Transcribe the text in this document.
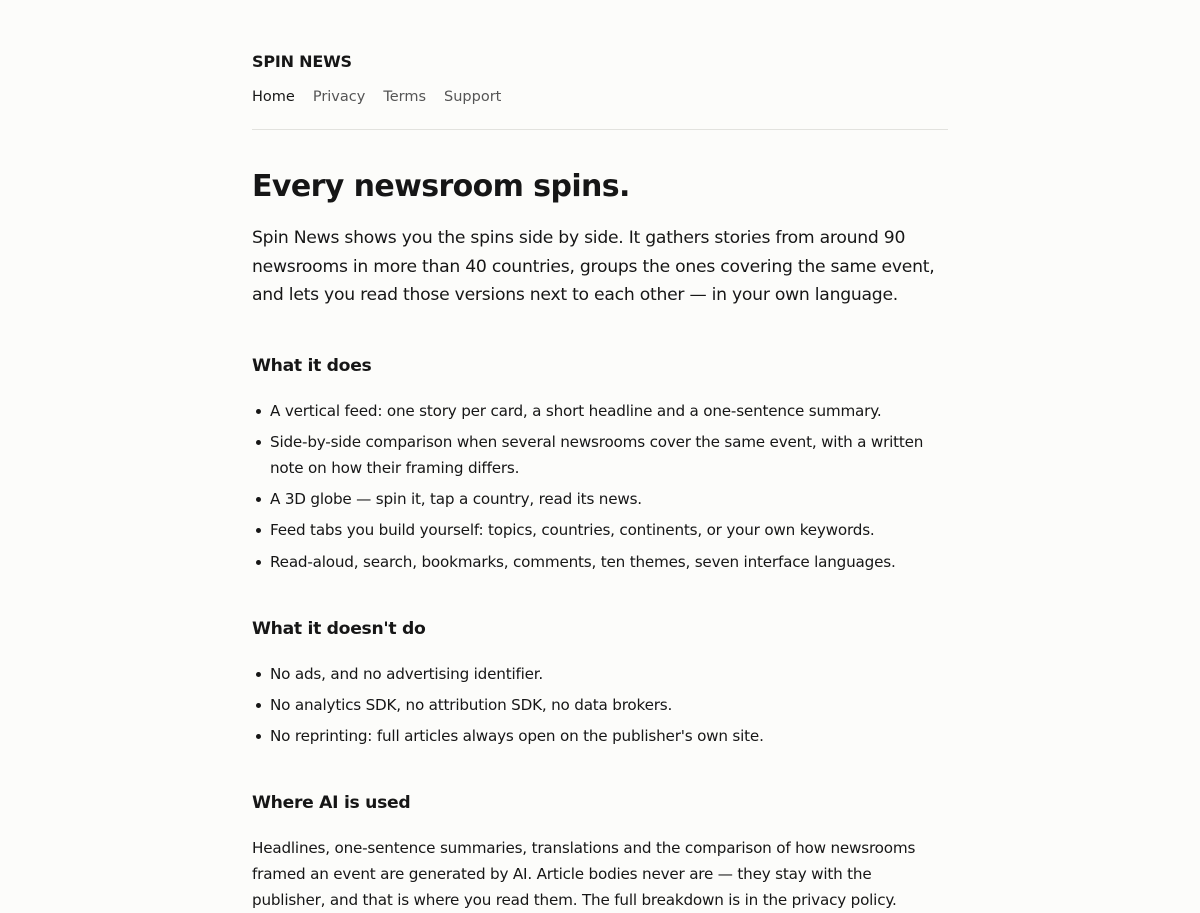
SPIN NEWS
Home Privacy Terms Support
Every newsroom spins.

Spin News shows you the spins side by side. It gathers stories from around 90 newsrooms in more than 40 countries, groups the ones covering the same event, and lets you read those versions next to each other — in your own language.

What it does
A vertical feed: one story per card, a short headline and a one-sentence summary.
Side-by-side comparison when several newsrooms cover the same event, with a written note on how their framing differs.
A 3D globe — spin it, tap a country, read its news.
Feed tabs you build yourself: topics, countries, continents, or your own keywords.
Read-aloud, search, bookmarks, comments, ten themes, seven interface languages.
What it doesn't do
No ads, and no advertising identifier.
No analytics SDK, no attribution SDK, no data brokers.
No reprinting: full articles always open on the publisher's own site.
Where AI is used

Headlines, one-sentence summaries, translations and the comparison of how newsrooms framed an event are generated by AI. Article bodies never are — they stay with the publisher, and that is where you read them. The full breakdown is in the privacy policy.
